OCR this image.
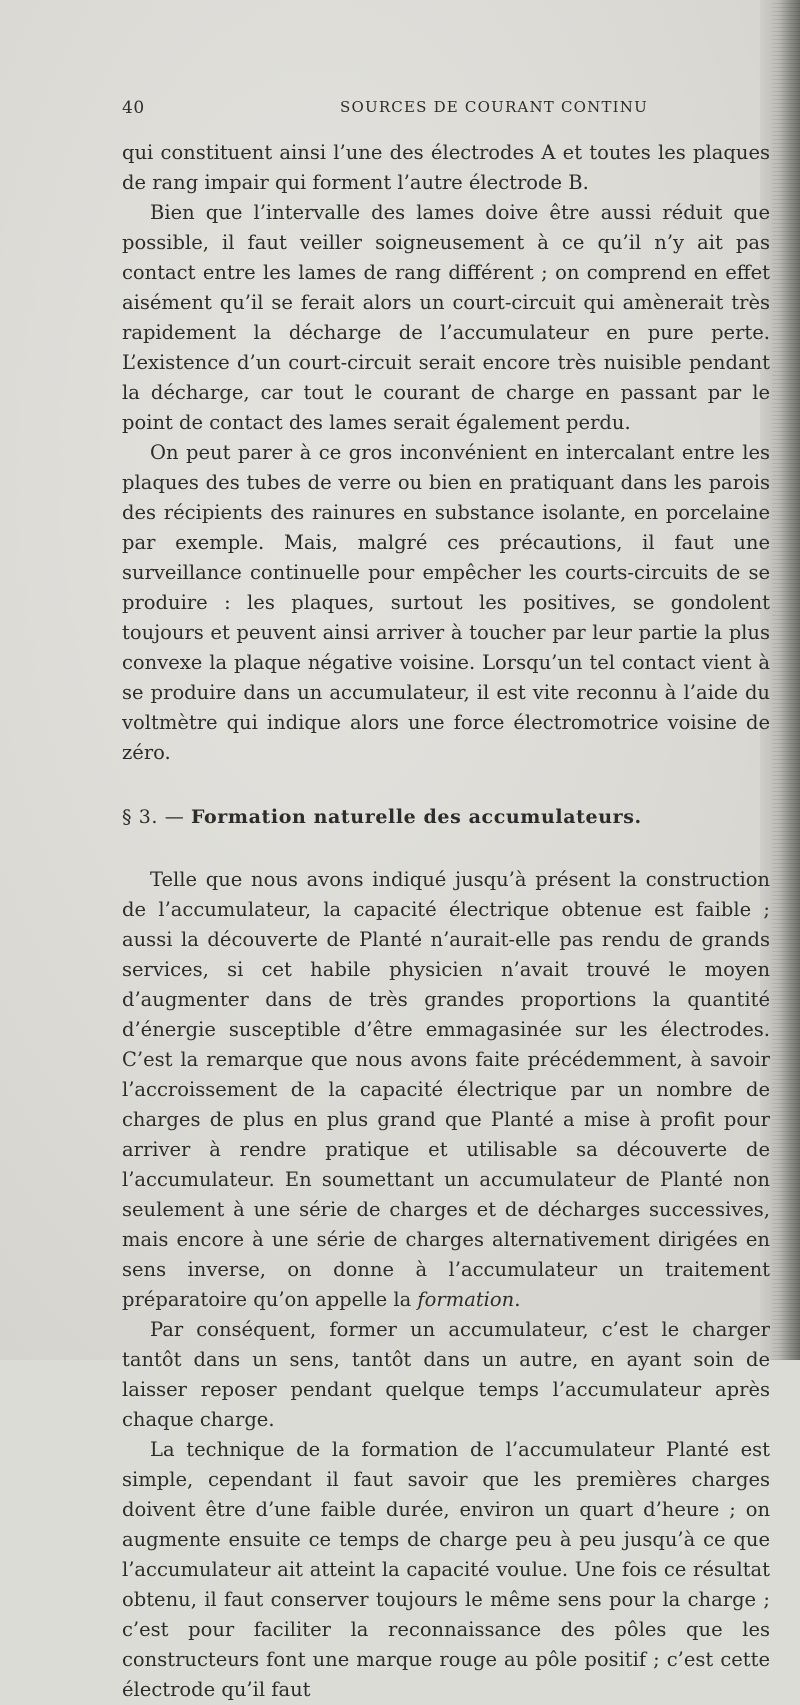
40	SOURCES DE COURANT CONTINU

qui constituent ainsi l’une des électrodes A et toutes les plaques de rang impair qui forment l’autre électrode B.

Bien que l’intervalle des lames doive être aussi réduit que possible, il faut veiller soigneusement à ce qu’il n’y ait pas contact entre les lames de rang différent ; on comprend en effet aisément qu’il se ferait alors un court-circuit qui amènerait très rapidement la décharge de l’accumulateur en pure perte. L’existence d’un court-circuit serait encore très nuisible pendant la décharge, car tout le courant de charge en passant par le point de contact des lames serait également perdu.

On peut parer à ce gros inconvénient en intercalant entre les plaques des tubes de verre ou bien en pratiquant dans les parois des récipients des rainures en substance isolante, en porcelaine par exemple. Mais, malgré ces précautions, il faut une surveillance continuelle pour empêcher les courts-circuits de se produire : les plaques, surtout les positives, se gondolent toujours et peuvent ainsi arriver à toucher par leur partie la plus convexe la plaque négative voisine. Lorsqu’un tel contact vient à se produire dans un accumulateur, il est vite reconnu à l’aide du voltmètre qui indique alors une force électromotrice voisine de zéro.

§ 3. — Formation naturelle des accumulateurs.

Telle que nous avons indiqué jusqu’à présent la construction de l’accumulateur, la capacité électrique obtenue est faible ; aussi la découverte de Planté n’aurait-elle pas rendu de grands services, si cet habile physicien n’avait trouvé le moyen d’augmenter dans de très grandes proportions la quantité d’énergie susceptible d’être emmagasinée sur les électrodes. C’est la remarque que nous avons faite précédemment, à savoir l’accroissement de la capacité électrique par un nombre de charges de plus en plus grand que Planté a mise à profit pour arriver à rendre pratique et utilisable sa découverte de l’accumulateur. En soumettant un accumulateur de Planté non seulement à une série de charges et de décharges successives, mais encore à une série de charges alternativement dirigées en sens inverse, on donne à l’accumulateur un traitement préparatoire qu’on appelle la formation.

Par conséquent, former un accumulateur, c’est le charger tantôt dans un sens, tantôt dans un autre, en ayant soin de laisser reposer pendant quelque temps l’accumulateur après chaque charge.

La technique de la formation de l’accumulateur Planté est simple, cependant il faut savoir que les premières charges doivent être d’une faible durée, environ un quart d’heure ; on augmente ensuite ce temps de charge peu à peu jusqu’à ce que l’accumulateur ait atteint la capacité voulue. Une fois ce résultat obtenu, il faut conserver toujours le même sens pour la charge ; c’est pour faciliter la reconnaissance des pôles que les constructeurs font une marque rouge au pôle positif ; c’est cette électrode qu’il faut
